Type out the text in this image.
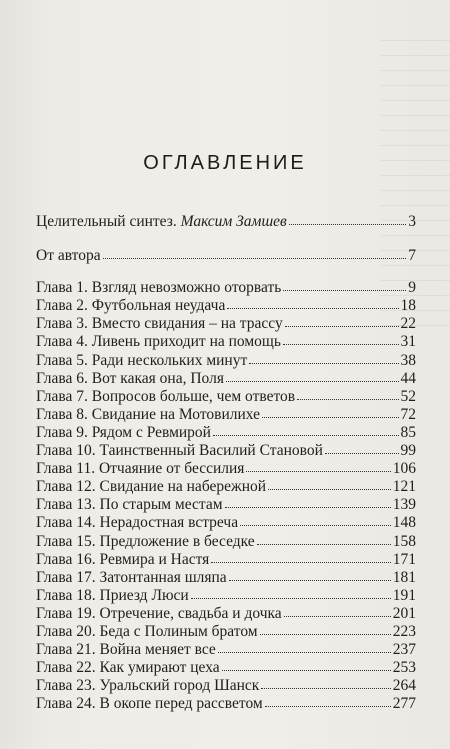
ОГЛАВЛЕНИЕ
Целительный синтез. Максим Замшев	3
От автора	7
Глава 1. Взгляд невозможно оторвать	9
Глава 2. Футбольная неудача	18
Глава 3. Вместо свидания – на трассу	22
Глава 4. Ливень приходит на помощь	31
Глава 5. Ради нескольких минут	38
Глава 6. Вот какая она, Поля	44
Глава 7. Вопросов больше, чем ответов	52
Глава 8. Свидание на Мотовилихе	72
Глава 9. Рядом с Ревмирой	85
Глава 10. Таинственный Василий Становой	99
Глава 11. Отчаяние от бессилия	106
Глава 12. Свидание на набережной	121
Глава 13. По старым местам	139
Глава 14. Нерадостная встреча	148
Глава 15. Предложение в беседке	158
Глава 16. Ревмира и Настя	171
Глава 17. Затонтанная шляпа	181
Глава 18. Приезд Люси	191
Глава 19. Отречение, свадьба и дочка	201
Глава 20. Беда с Полиным братом	223
Глава 21. Война меняет все	237
Глава 22. Как умирают цеха	253
Глава 23. Уральский город Шанск	264
Глава 24. В окопе перед рассветом	277
